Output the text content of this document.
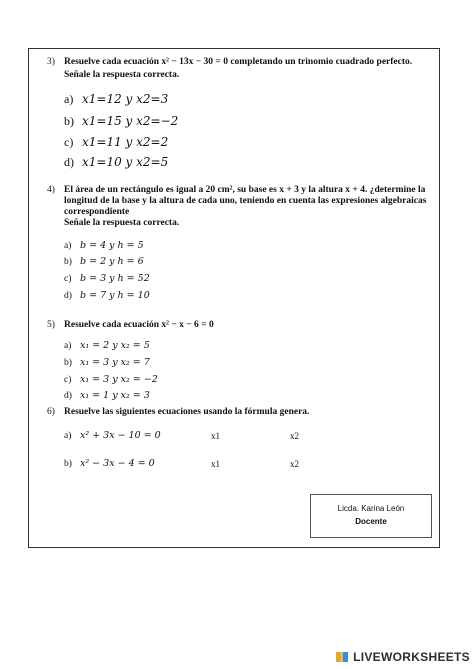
3) Resuelve cada ecuación x² − 13x − 30 = 0 completando un trinomio cuadrado perfecto.
Señale la respuesta correcta.
a) x1=12 y x2=3
b) x1=15 y x2=−2
c) x1=11 y x2=2
d) x1=10 y x2=5
4) El área de un rectángulo es igual a 20 cm², su base es x + 3 y la altura x + 4. ¿determine la
longitud de la base y la altura de cada uno, teniendo en cuenta las expresiones algebraicas
correspondiente
Señale la respuesta correcta.
a) b = 4 y h = 5
b) b = 2 y h = 6
c) b = 3 y h = 52
d) b = 7 y h = 10
5) Resuelve cada ecuación x² − x − 6 = 0
a) x₁ = 2 y x₂ = 5
b) x₁ = 3 y x₂ = 7
c) x₁ = 3 y x₂ = −2
d) x₁ = 1 y x₂ = 3
6) Resuelve las siguientes ecuaciones usando la fórmula genera.
a) x² + 3x − 10 = 0	x1	x2
b) x² − 3x − 4 = 0	x1	x2
Licda. Karina León
Docente
LIVEWORKSHEETS
